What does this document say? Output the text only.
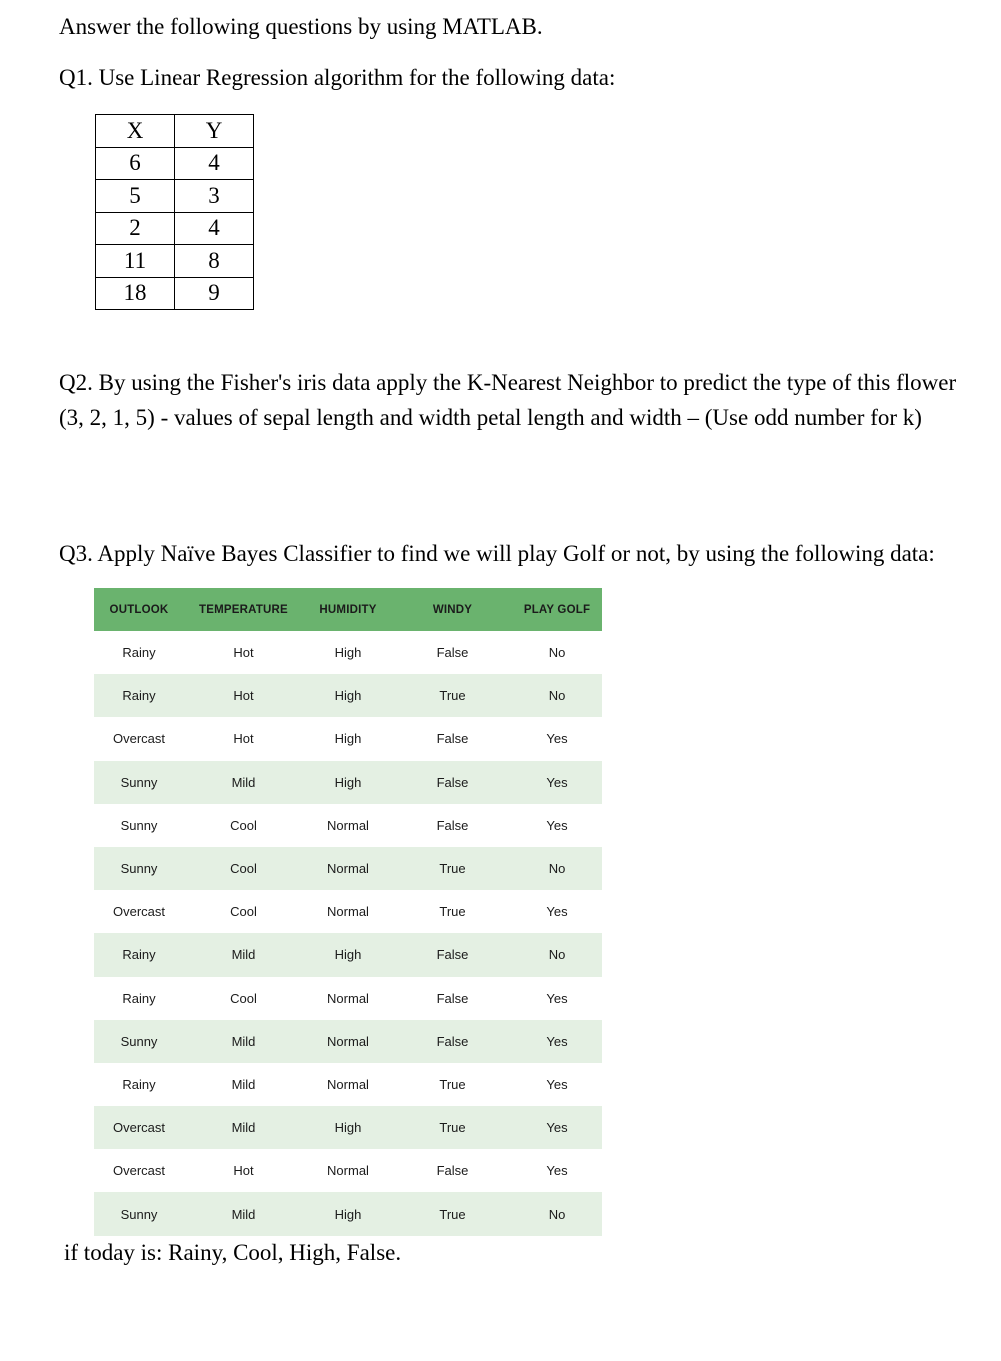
Answer the following questions by using MATLAB.
Q1. Use Linear Regression algorithm for the following data:
X	Y
6	4
5	3
2	4
11	8
18	9
Q2. By using the Fisher's iris data apply the K-Nearest Neighbor to predict the type of this flower (3, 2, 1, 5) - values of sepal length and width petal length and width – (Use odd number for k)
Q3. Apply Naïve Bayes Classifier to find we will play Golf or not, by using the following data:
OUTLOOK	TEMPERATURE	HUMIDITY	WINDY	PLAY GOLF
Rainy	Hot	High	False	No
Rainy	Hot	High	True	No
Overcast	Hot	High	False	Yes
Sunny	Mild	High	False	Yes
Sunny	Cool	Normal	False	Yes
Sunny	Cool	Normal	True	No
Overcast	Cool	Normal	True	Yes
Rainy	Mild	High	False	No
Rainy	Cool	Normal	False	Yes
Sunny	Mild	Normal	False	Yes
Rainy	Mild	Normal	True	Yes
Overcast	Mild	High	True	Yes
Overcast	Hot	Normal	False	Yes
Sunny	Mild	High	True	No
if today is: Rainy, Cool, High, False.
